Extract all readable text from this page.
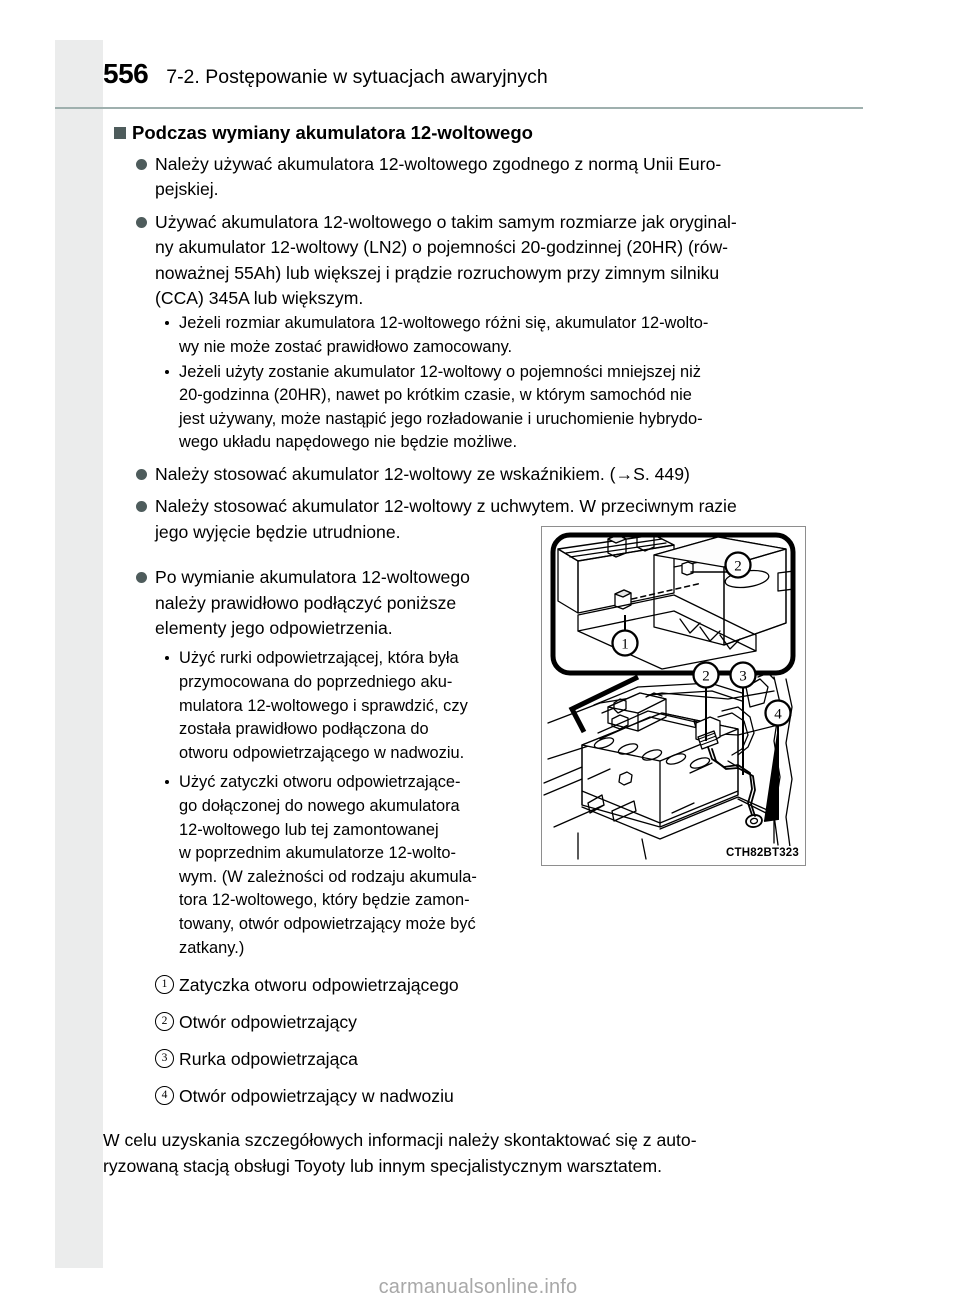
556 7-2. Postępowanie w sytuacjach awaryjnych
Podczas wymiany akumulatora 12-woltowego

Należy używać akumulatora 12-woltowego zgodnego z normą Unii Euro-

pejskiej.

Używać akumulatora 12-woltowego o takim samym rozmiarze jak oryginal-

ny akumulator 12-woltowy (LN2) o pojemności 20-godzinnej (20HR) (rów-

noważnej 55Ah) lub większej i prądzie rozruchowym przy zimnym silniku

(CCA) 345A lub większym.

Jeżeli rozmiar akumulatora 12-woltowego różni się, akumulator 12-wolto-

wy nie może zostać prawidłowo zamocowany.

Jeżeli użyty zostanie akumulator 12-woltowy o pojemności mniejszej niż

20-godzinna (20HR), nawet po krótkim czasie, w którym samochód nie

jest używany, może nastąpić jego rozładowanie i uruchomienie hybrydo-

wego układu napędowego nie będzie możliwe.

Należy stosować akumulator 12-woltowy ze wskaźnikiem. (→S. 449)

Należy stosować akumulator 12-woltowy z uchwytem. W przeciwnym razie

jego wyjęcie będzie utrudnione.

Po wymianie akumulatora 12-woltowego

należy prawidłowo podłączyć poniższe

elementy jego odpowietrzenia.

Użyć rurki odpowietrzającej, która była

przymocowana do poprzedniego aku-

mulatora 12-woltowego i sprawdzić, czy

została prawidłowo podłączona do

otworu odpowietrzającego w nadwoziu.

Użyć zatyczki otworu odpowietrzające-

go dołączonej do nowego akumulatora

12-woltowego lub tej zamontowanej

w poprzednim akumulatorze 12-wolto-

wym. (W zależności od rodzaju akumula-

tora 12-woltowego, który będzie zamon-

towany, otwór odpowietrzający może być

zatkany.)

1 Zatyczka otworu odpowietrzającego
2 Otwór odpowietrzający
3 Rurka odpowietrzająca
4 Otwór odpowietrzający w nadwoziu

W celu uzyskania szczegółowych informacji należy skontaktować się z auto-

ryzowaną stacją obsługi Toyoty lub innym specjalistycznym warsztatem.

1
2
2 3
4
CTH82BT323
carmanualsonline.info
